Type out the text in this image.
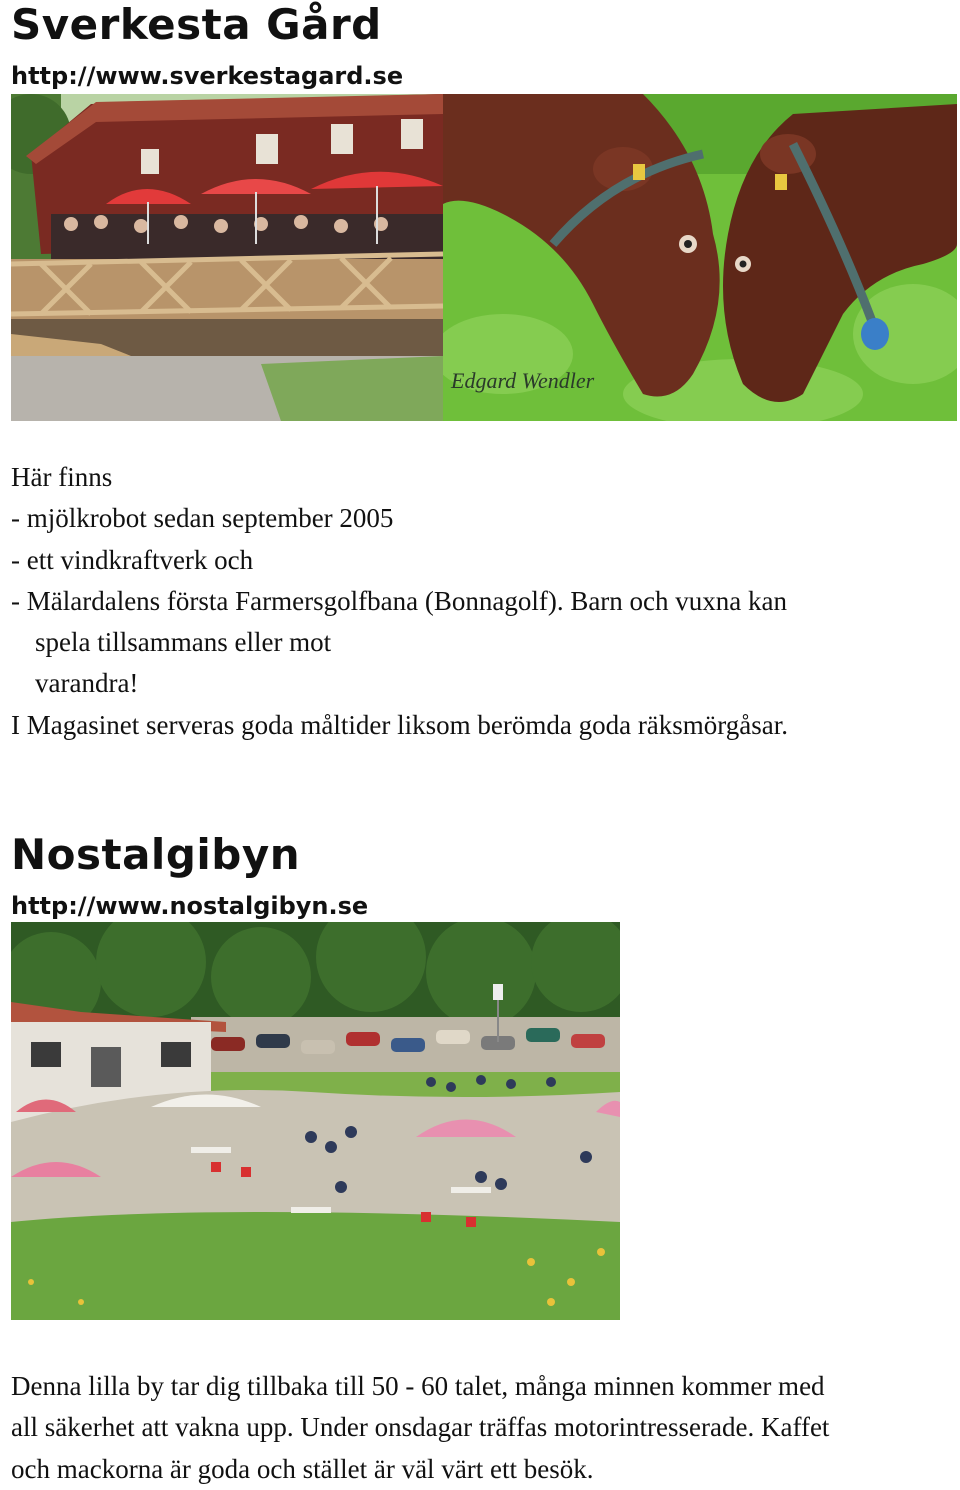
Sverkesta Gård
http://www.sverkestagard.se
Edgard Wendler

Här finns

- mjölkrobot sedan september 2005

- ett vindkraftverk och

- Mälardalens första Farmersgolfbana (Bonnagolf). Barn och vuxna kan

spela tillsammans eller mot

varandra!

I Magasinet serveras goda måltider liksom berömda goda räksmörgåsar.

Nostalgibyn
http://www.nostalgibyn.se

Denna lilla by tar dig tillbaka till 50 - 60 talet, många minnen kommer med

all säkerhet att vakna upp. Under onsdagar träffas motorintresserade. Kaffet

och mackorna är goda och stället är väl värt ett besök.
